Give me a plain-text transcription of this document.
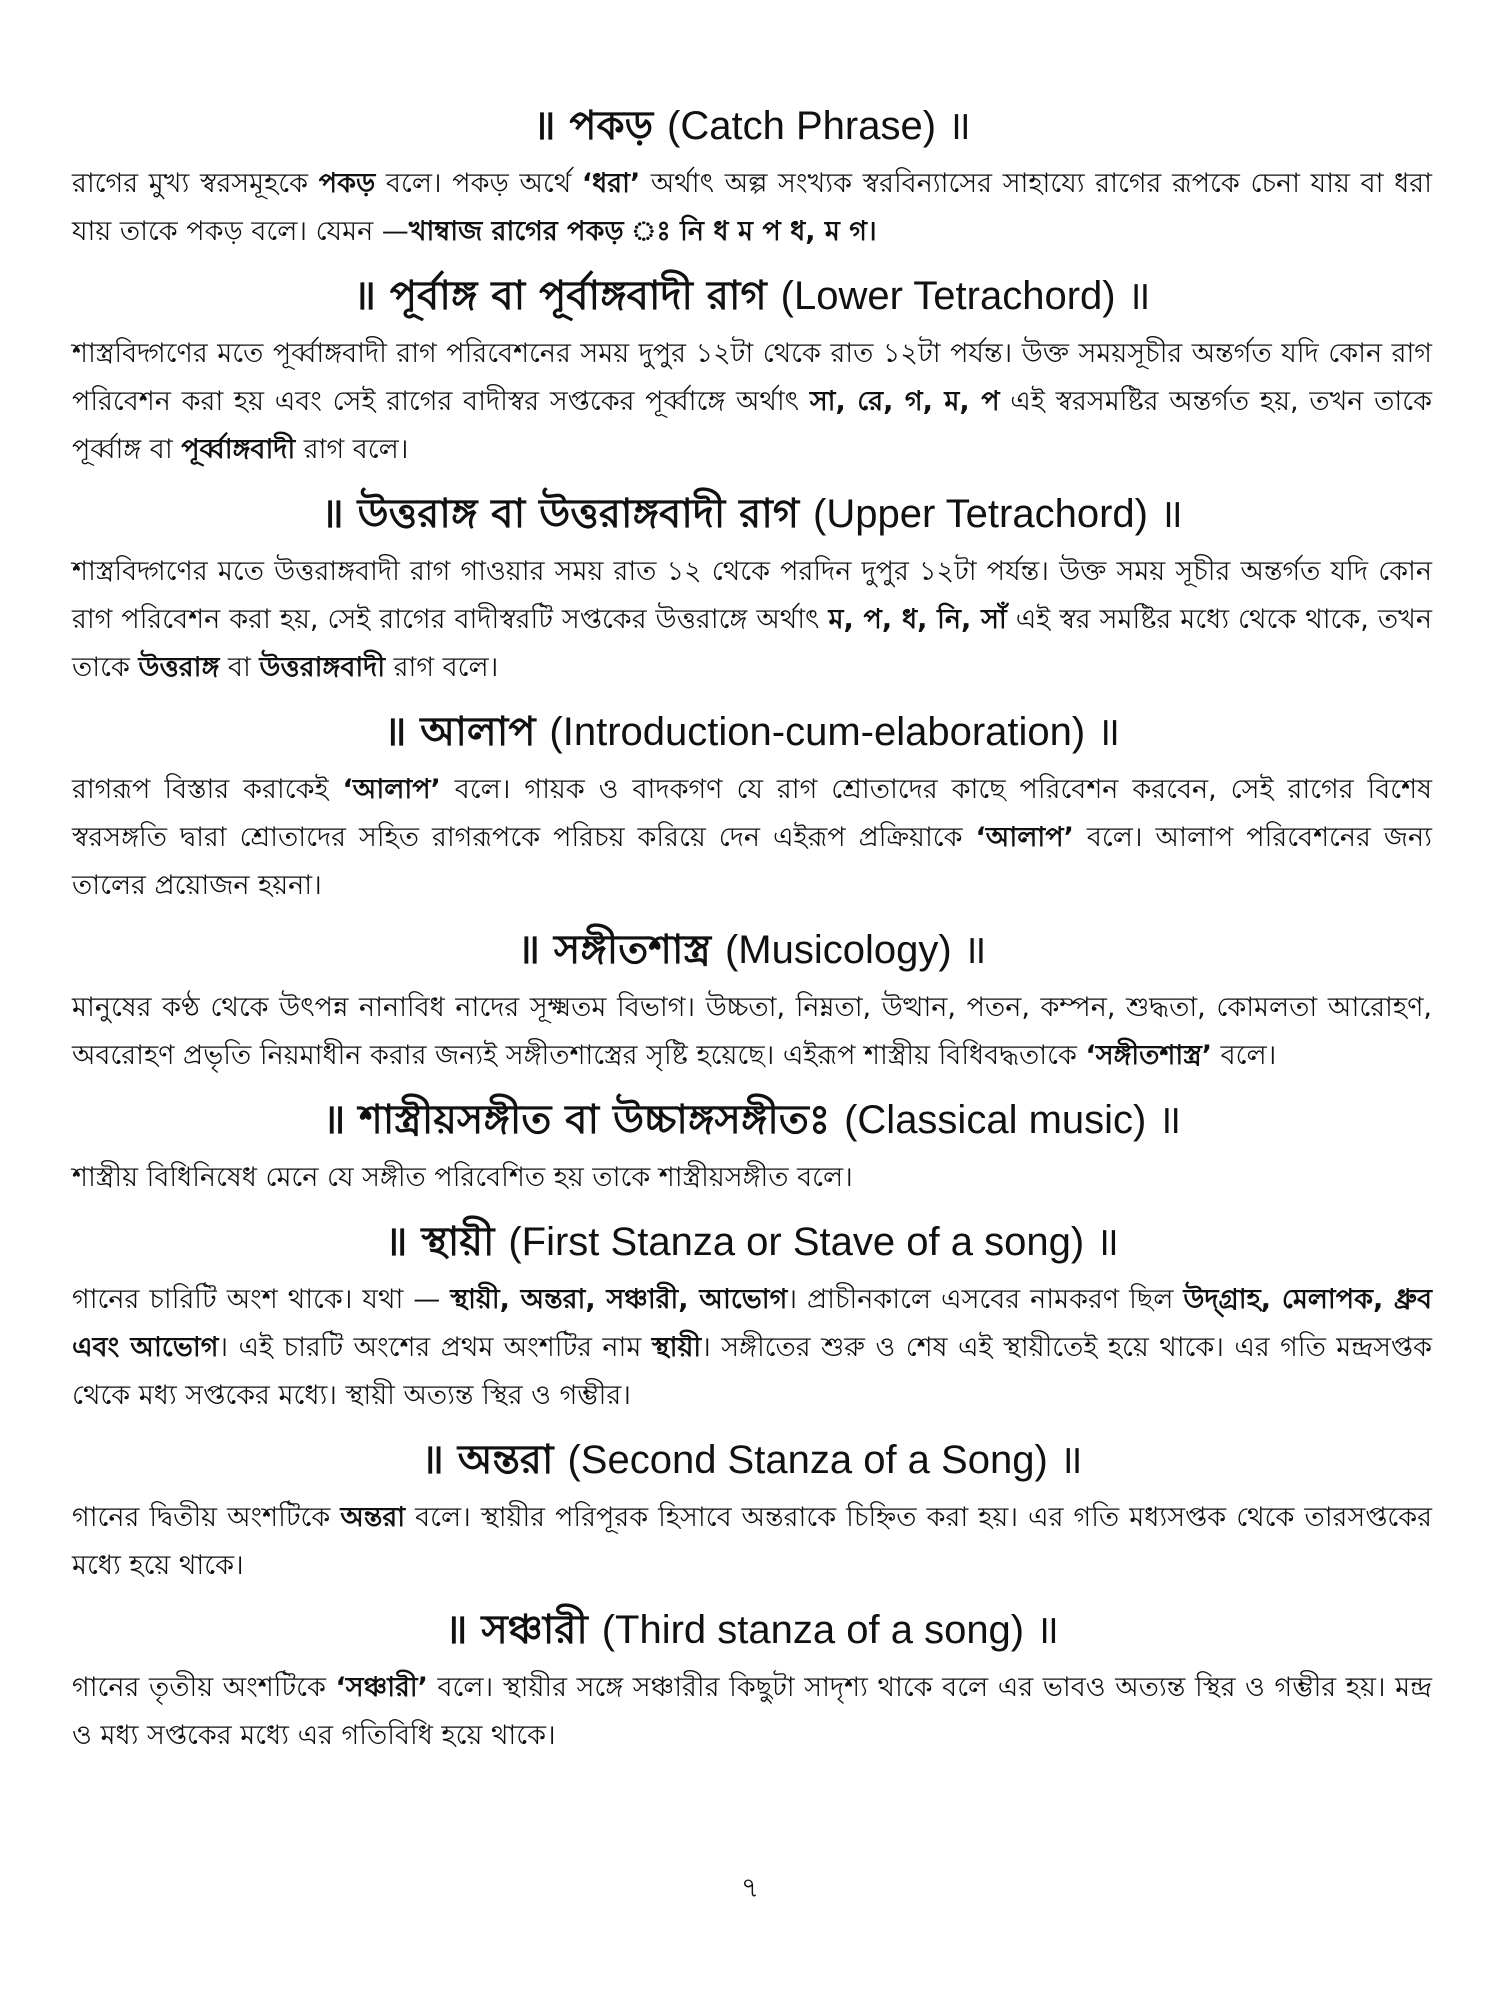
॥ পকড় (Catch Phrase) ॥

রাগের মুখ্য স্বরসমূহকে পকড় বলে। পকড় অর্থে ‘ধরা’ অর্থাৎ অল্প সংখ্যক স্বরবিন্যাসের সাহায্যে রাগের রূপকে চেনা যায় বা ধরা যায় তাকে পকড় বলে। যেমন —খাম্বাজ রাগের পকড় ঃ নি ধ ম প ধ, ম গ।

॥ পূর্বাঙ্গ বা পূর্বাঙ্গবাদী রাগ (Lower Tetrachord) ॥

শাস্ত্রবিদ্গণের মতে পূর্ব্বাঙ্গবাদী রাগ পরিবেশনের সময় দুপুর ১২টা থেকে রাত ১২টা পর্যন্ত। উক্ত সময়সূচীর অন্তর্গত যদি কোন রাগ পরিবেশন করা হয় এবং সেই রাগের বাদীস্বর সপ্তকের পূর্ব্বাঙ্গে অর্থাৎ সা, রে, গ, ম, প এই স্বরসমষ্টির অন্তর্গত হয়, তখন তাকে পূর্ব্বাঙ্গ বা পূর্ব্বাঙ্গবাদী রাগ বলে।

॥ উত্তরাঙ্গ বা উত্তরাঙ্গবাদী রাগ (Upper Tetrachord) ॥

শাস্ত্রবিদ্গণের মতে উত্তরাঙ্গবাদী রাগ গাওয়ার সময় রাত ১২ থেকে পরদিন দুপুর ১২টা পর্যন্ত। উক্ত সময় সূচীর অন্তর্গত যদি কোন রাগ পরিবেশন করা হয়, সেই রাগের বাদীস্বরটি সপ্তকের উত্তরাঙ্গে অর্থাৎ ম, প, ধ, নি, সাঁ এই স্বর সমষ্টির মধ্যে থেকে থাকে, তখন তাকে উত্তরাঙ্গ বা উত্তরাঙ্গবাদী রাগ বলে।

॥ আলাপ (Introduction-cum-elaboration) ॥

রাগরূপ বিস্তার করাকেই ‘আলাপ’ বলে। গায়ক ও বাদকগণ যে রাগ শ্রোতাদের কাছে পরিবেশন করবেন, সেই রাগের বিশেষ স্বরসঙ্গতি দ্বারা শ্রোতাদের সহিত রাগরূপকে পরিচয় করিয়ে দেন এইরূপ প্রক্রিয়াকে ‘আলাপ’ বলে। আলাপ পরিবেশনের জন্য তালের প্রয়োজন হয়না।

॥ সঙ্গীতশাস্ত্র (Musicology) ॥

মানুষের কণ্ঠ থেকে উৎপন্ন নানাবিধ নাদের সূক্ষ্মতম বিভাগ। উচ্চতা, নিম্নতা, উত্থান, পতন, কম্পন, শুদ্ধতা, কোমলতা আরোহণ, অবরোহণ প্রভৃতি নিয়মাধীন করার জন্যই সঙ্গীতশাস্ত্রের সৃষ্টি হয়েছে। এইরূপ শাস্ত্রীয় বিধিবদ্ধতাকে ‘সঙ্গীতশাস্ত্র’ বলে।

॥ শাস্ত্রীয়সঙ্গীত বা উচ্চাঙ্গসঙ্গীতঃ (Classical music) ॥

শাস্ত্রীয় বিধিনিষেধ মেনে যে সঙ্গীত পরিবেশিত হয় তাকে শাস্ত্রীয়সঙ্গীত বলে।

॥ স্থায়ী (First Stanza or Stave of a song) ॥

গানের চারিটি অংশ থাকে। যথা — স্থায়ী, অন্তরা, সঞ্চারী, আভোগ। প্রাচীনকালে এসবের নামকরণ ছিল উদ্গ্রাহ, মেলাপক, ধ্রুব এবং আভোগ। এই চারটি অংশের প্রথম অংশটির নাম স্থায়ী। সঙ্গীতের শুরু ও শেষ এই স্থায়ীতেই হয়ে থাকে। এর গতি মন্দ্রসপ্তক থেকে মধ্য সপ্তকের মধ্যে। স্থায়ী অত্যন্ত স্থির ও গম্ভীর।

॥ অন্তরা (Second Stanza of a Song) ॥

গানের দ্বিতীয় অংশটিকে অন্তরা বলে। স্থায়ীর পরিপূরক হিসাবে অন্তরাকে চিহ্নিত করা হয়। এর গতি মধ্যসপ্তক থেকে তারসপ্তকের মধ্যে হয়ে থাকে।

॥ সঞ্চারী (Third stanza of a song) ॥

গানের তৃতীয় অংশটিকে ‘সঞ্চারী’ বলে। স্থায়ীর সঙ্গে সঞ্চারীর কিছুটা সাদৃশ্য থাকে বলে এর ভাবও অত্যন্ত স্থির ও গম্ভীর হয়। মন্দ্র ও মধ্য সপ্তকের মধ্যে এর গতিবিধি হয়ে থাকে।

৭
